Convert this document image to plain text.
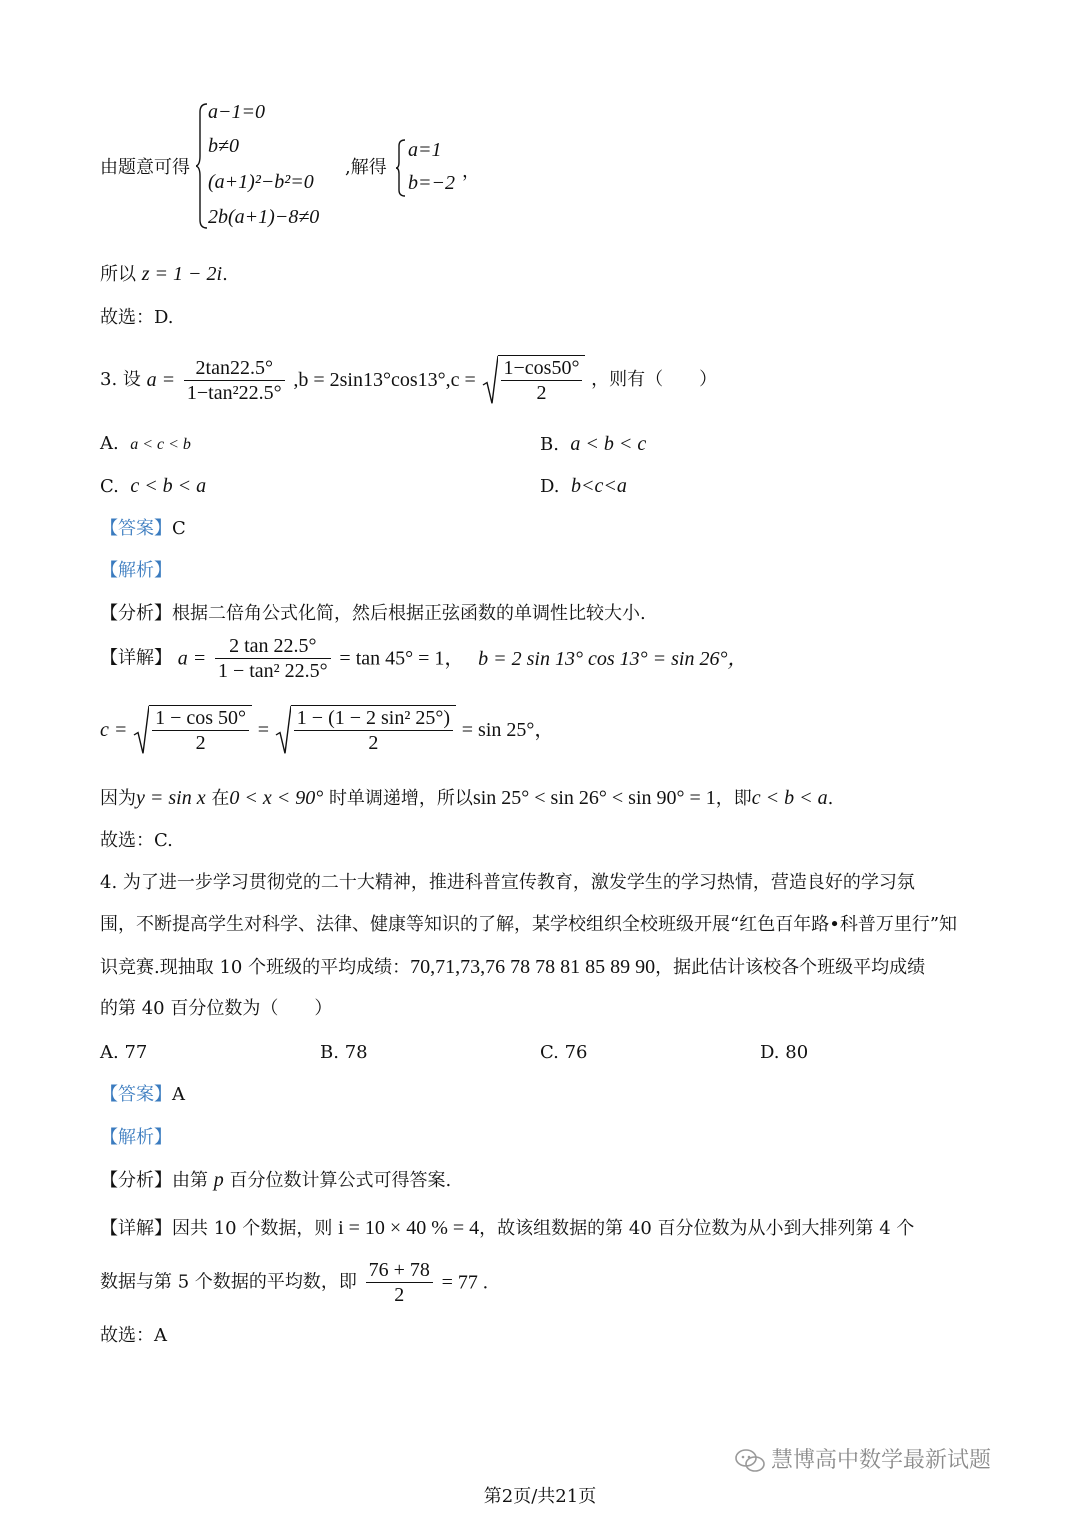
由题意可得
a−1=0
b≠0
(a+1)²−b²=0
2b(a+1)−8≠0
,解得
a=1
b=−2
，
所以 z = 1 − 2i.
故选：D.
3. 设 $a = \frac{2\tan 22.5^\circ}{\text{1−tan²22.5°}} ,b = 2\sin 13^\circ\cos 13^\circ,c = \frac{1-\cos 50^\circ}{2}$ ，则有（　　）
A. a < c < b	B. a < b < c
C. c < b < a	D. b<c<a
【答案】C
【解析】
【分析】根据二倍角公式化简，然后根据正弦函数的单调性比较大小.
【详解】 $a = \frac{2 \tan 22.5^\circ}{\text{1 − tan² 22.5°}} = \tan 45^\circ = 1$， b = 2 sin 13° cos 13° = sin 26°，
$c = \frac{1 - \cos 50^\circ}{2} = \frac{\text{1 − (1 − 2 sin² 25°)}}{2} = \sin 25^\circ$，
因为y = sin x 在0 < x < 90° 时单调递增，所以sin 25° < sin 26° < sin 90° = 1，即c < b < a.
故选：C.
4. 为了进一步学习贯彻党的二十大精神，推进科普宣传教育，激发学生的学习热情，营造良好的学习氛
围，不断提高学生对科学、法律、健康等知识的了解，某学校组织全校班级开展“红色百年路•科普万里行”知
识竞赛.现抽取 10 个班级的平均成绩：70,71,73,76 78 78 81 85 89 90，据此估计该校各个班级平均成绩
的第 40 百分位数为（　　）
A. 77	B. 78	C. 76	D. 80
【答案】A
【解析】
【分析】由第 p 百分位数计算公式可得答案.
【详解】因共 10 个数据，则 i = 10 × 40 % = 4，故该组数据的第 40 百分位数为从小到大排列第 4 个
数据与第 5 个数据的平均数，即 $\frac{76 + 78}{2} = 77$ .
故选：A
慧博高中数学最新试题
第2页/共21页
